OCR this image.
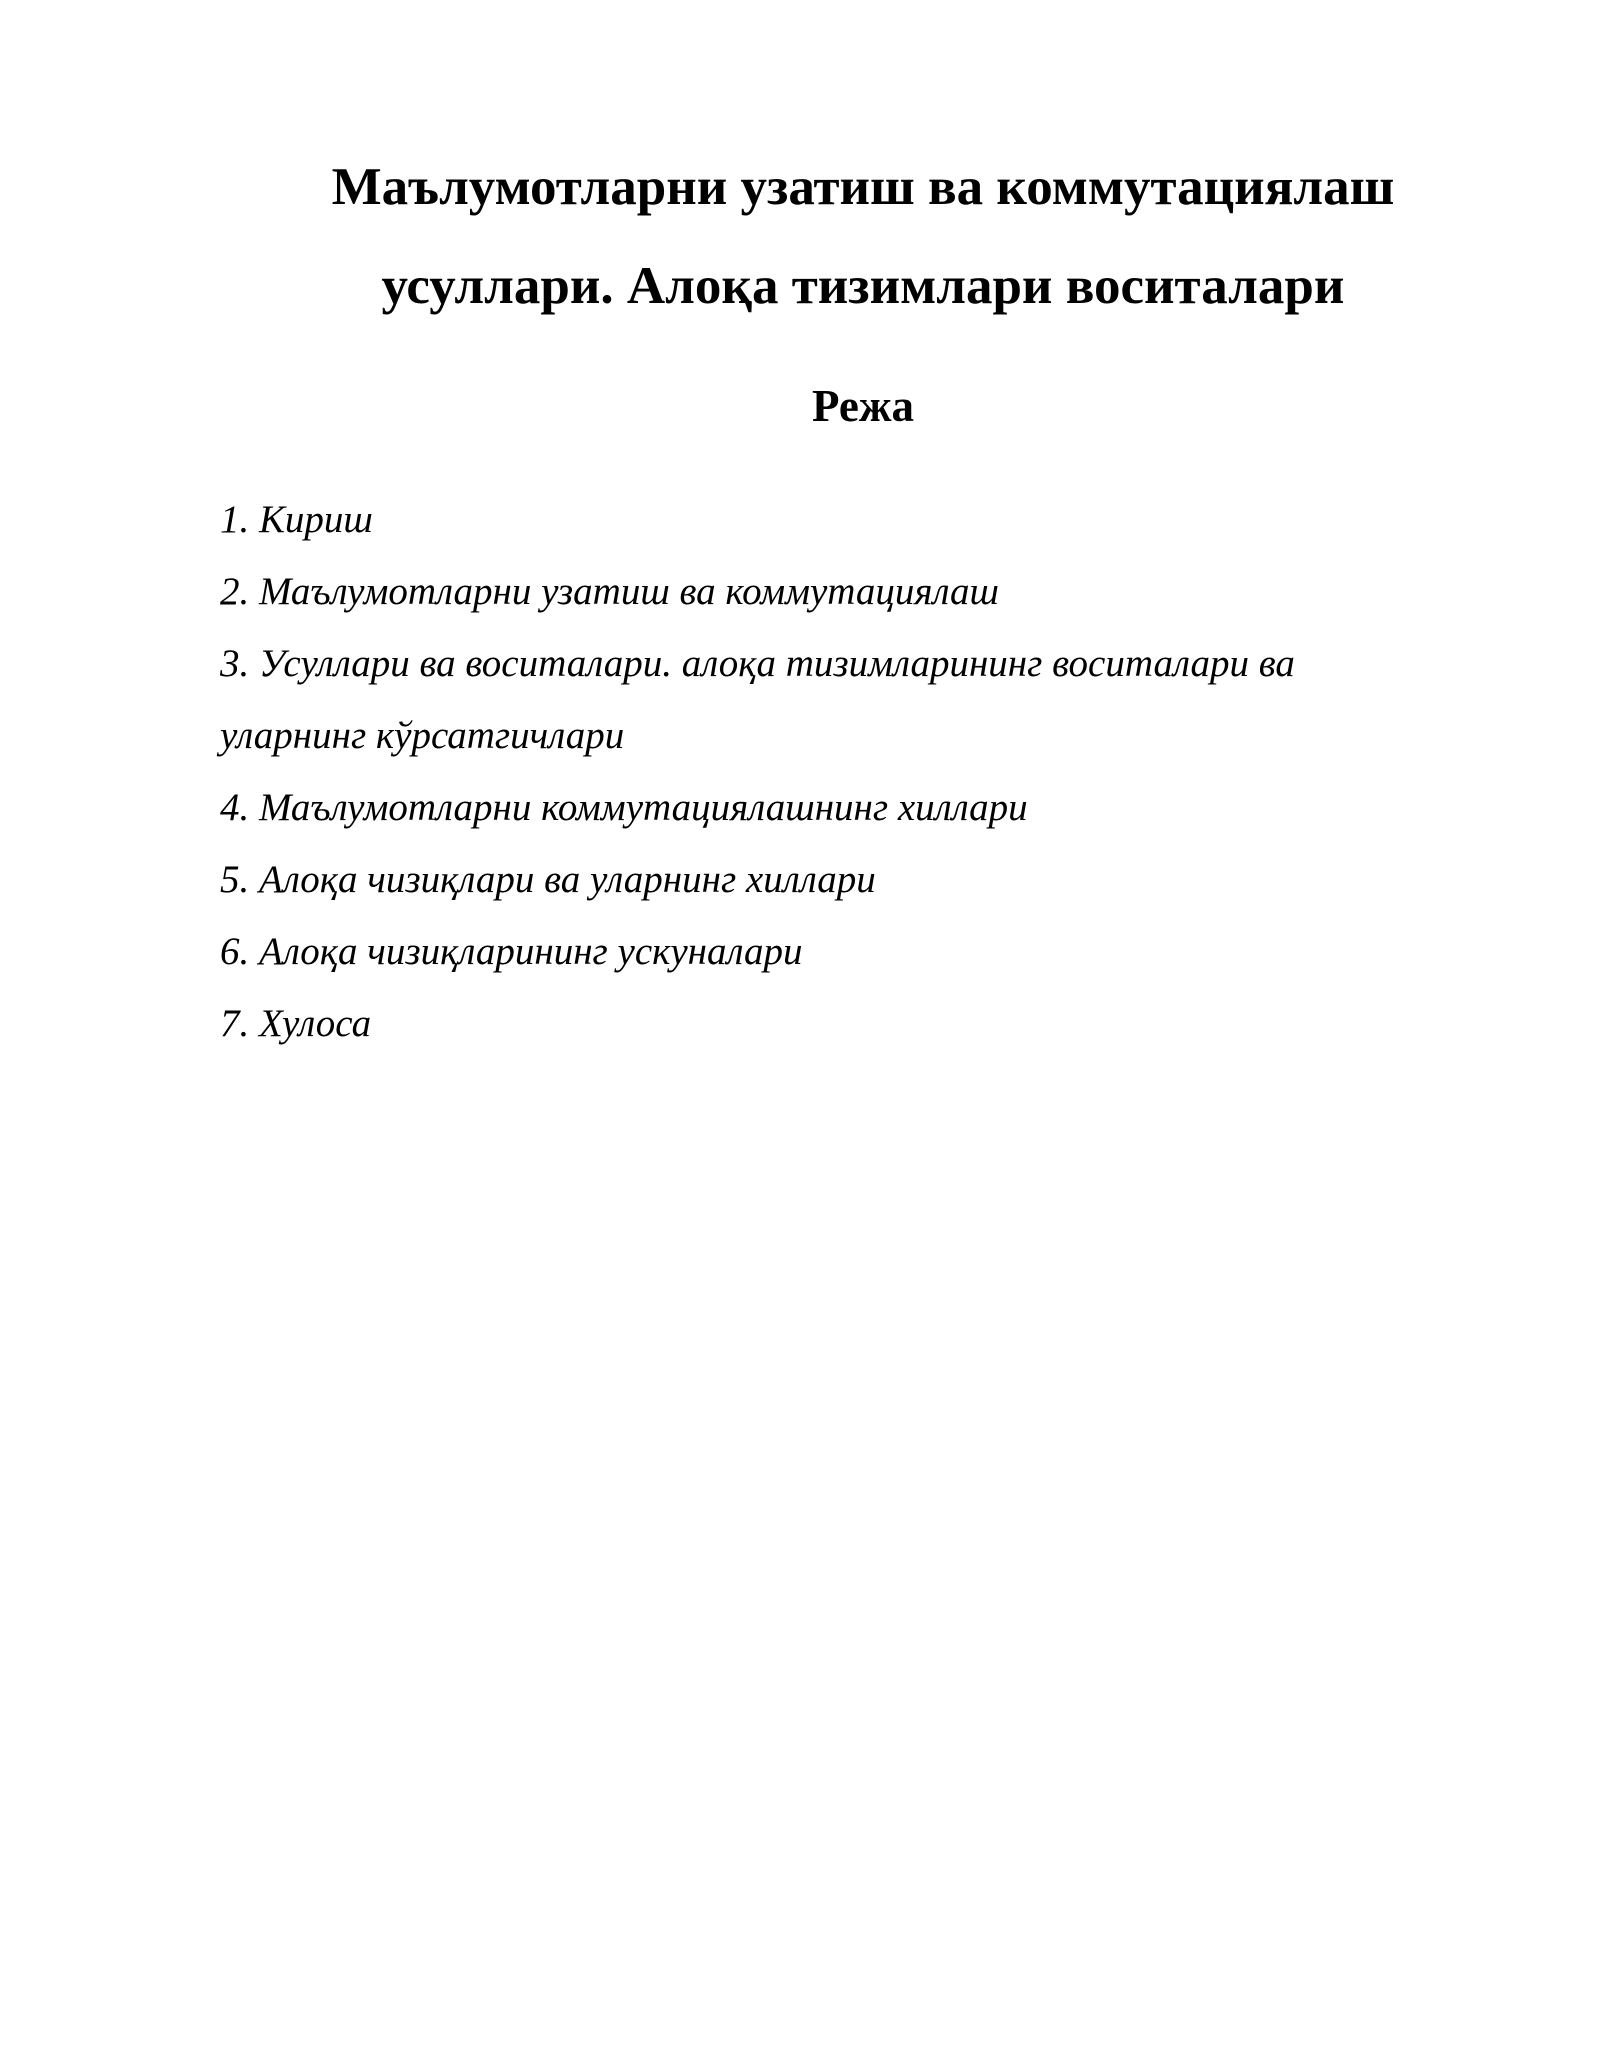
Маълумотларни узатиш ва коммутациялаш
усуллари. Алоқа тизимлари воситалари
Режа
1. Кириш
2. Маълумотларни узатиш ва коммутациялаш
3. Усуллари ва воситалари. алоқа тизимларининг воситалари ва
уларнинг кўрсатгичлари
4. Маълумотларни коммутациялашнинг хиллари
5. Алоқа чизиқлари ва уларнинг хиллари
6. Алоқа чизиқларининг ускуналари
7. Хулоса
